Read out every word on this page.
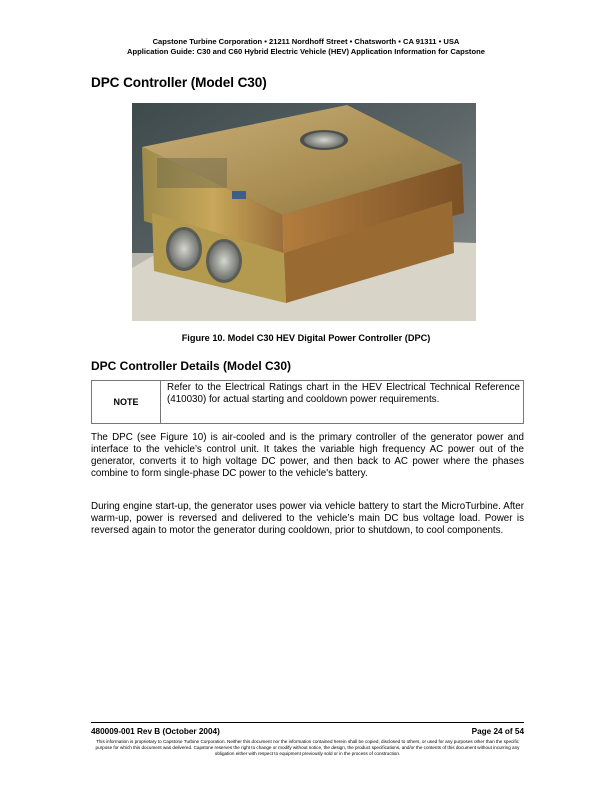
Capstone Turbine Corporation • 21211 Nordhoff Street • Chatsworth • CA 91311 • USA
Application Guide: C30 and C60 Hybrid Electric Vehicle (HEV) Application Information for Capstone
DPC Controller (Model C30)
Figure 10. Model C30 HEV Digital Power Controller (DPC)
DPC Controller Details (Model C30)
NOTE
Refer to the Electrical Ratings chart in the HEV Electrical Technical Reference (410030) for actual starting and cooldown power requirements.

The DPC (see Figure 10) is air-cooled and is the primary controller of the generator power and interface to the vehicle’s control unit. It takes the variable high frequency AC power out of the generator, converts it to high voltage DC power, and then back to AC power where the phases combine to form single-phase DC power to the vehicle's battery.

During engine start-up, the generator uses power via vehicle battery to start the MicroTurbine. After warm-up, power is reversed and delivered to the vehicle’s main DC bus voltage load. Power is reversed again to motor the generator during cooldown, prior to shutdown, to cool components.

480009-001 Rev B (October 2004)	Page 24 of 54
This information is proprietary to Capstone Turbine Corporation. Neither this document nor the information contained herein shall be copied, disclosed to others, or used for any purposes other than the specific purpose for which this document was delivered. Capstone reserves the right to change or modify without notice, the design, the product specifications, and/or the contents of this document without incurring any obligation either with respect to equipment previously sold or in the process of construction.
